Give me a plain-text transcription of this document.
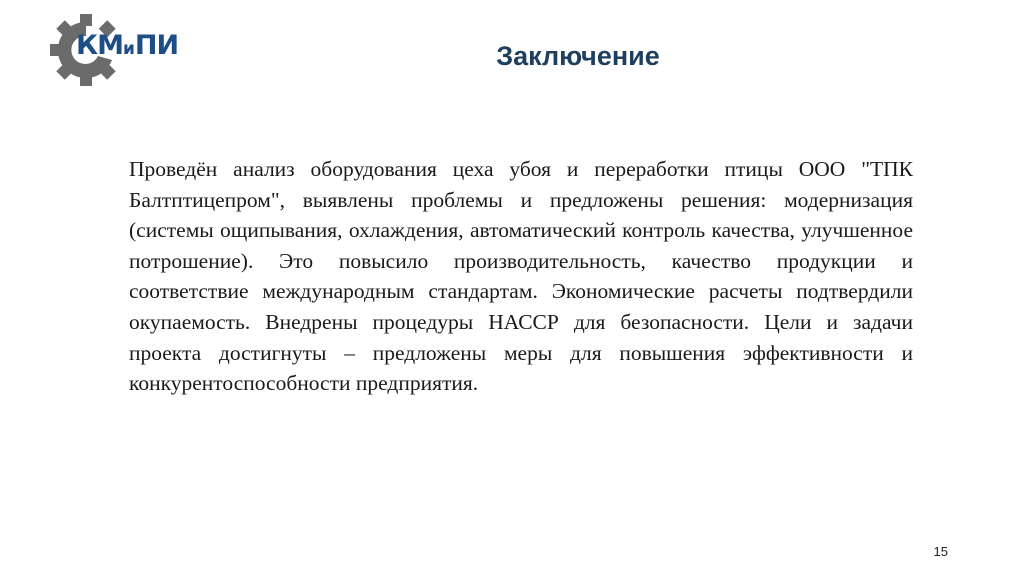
КМиПИ	Заключение

Проведён анализ оборудования цеха убоя и переработки птицы ООО "ТПК Балтптицепром", выявлены проблемы и предложены решения: модернизация (системы ощипывания, охлаждения, автоматический контроль качества, улучшенное потрошение). Это повысило производительность, качество продукции и соответствие международным стандартам. Экономические расчеты подтвердили окупаемость. Внедрены процедуры НАССР для безопасности. Цели и задачи проекта достигнуты – предложены меры для повышения эффективности и конкурентоспособности предприятия.

15
